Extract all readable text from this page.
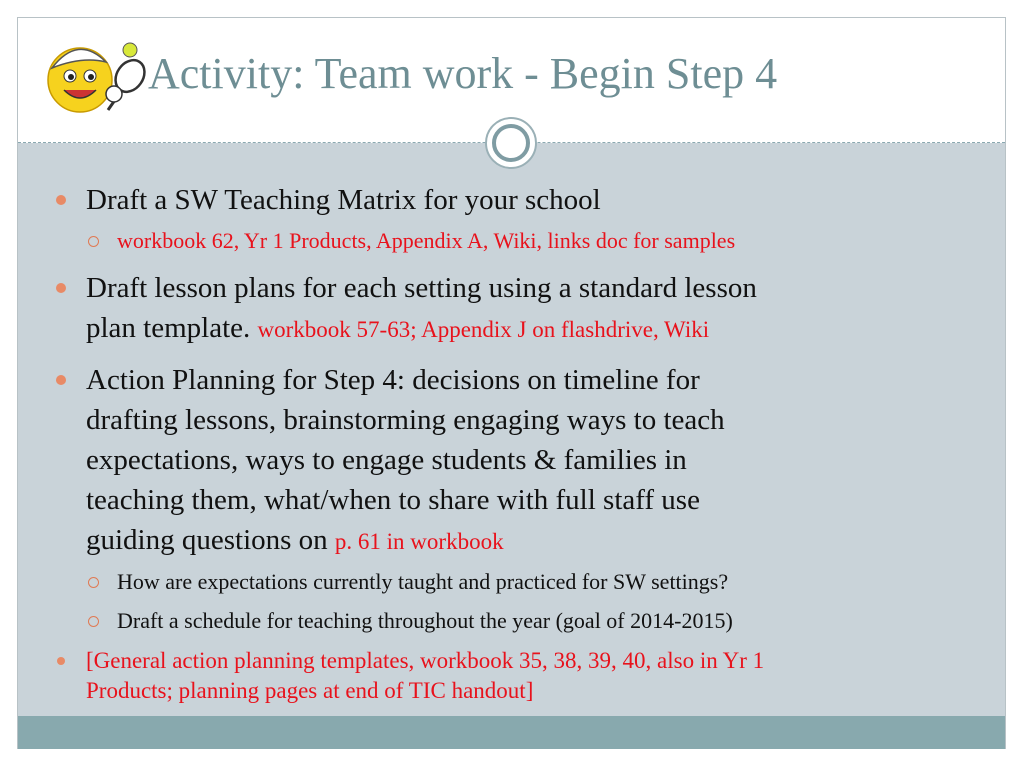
Activity: Team work - Begin Step 4
Draft a SW Teaching Matrix for your school
workbook 62, Yr 1 Products, Appendix A, Wiki, links doc for samples
Draft lesson plans for each setting using a standard lesson
plan template. workbook 57-63; Appendix J on flashdrive, Wiki
Action Planning for Step 4: decisions on timeline for
drafting lessons, brainstorming engaging ways to teach
expectations, ways to engage students & families in
teaching them, what/when to share with full staff use
guiding questions on p. 61 in workbook
How are expectations currently taught and practiced for SW settings?
Draft a schedule for teaching throughout the year (goal of 2014-2015)
[General action planning templates, workbook 35, 38, 39, 40, also in Yr 1
Products; planning pages at end of TIC handout]
